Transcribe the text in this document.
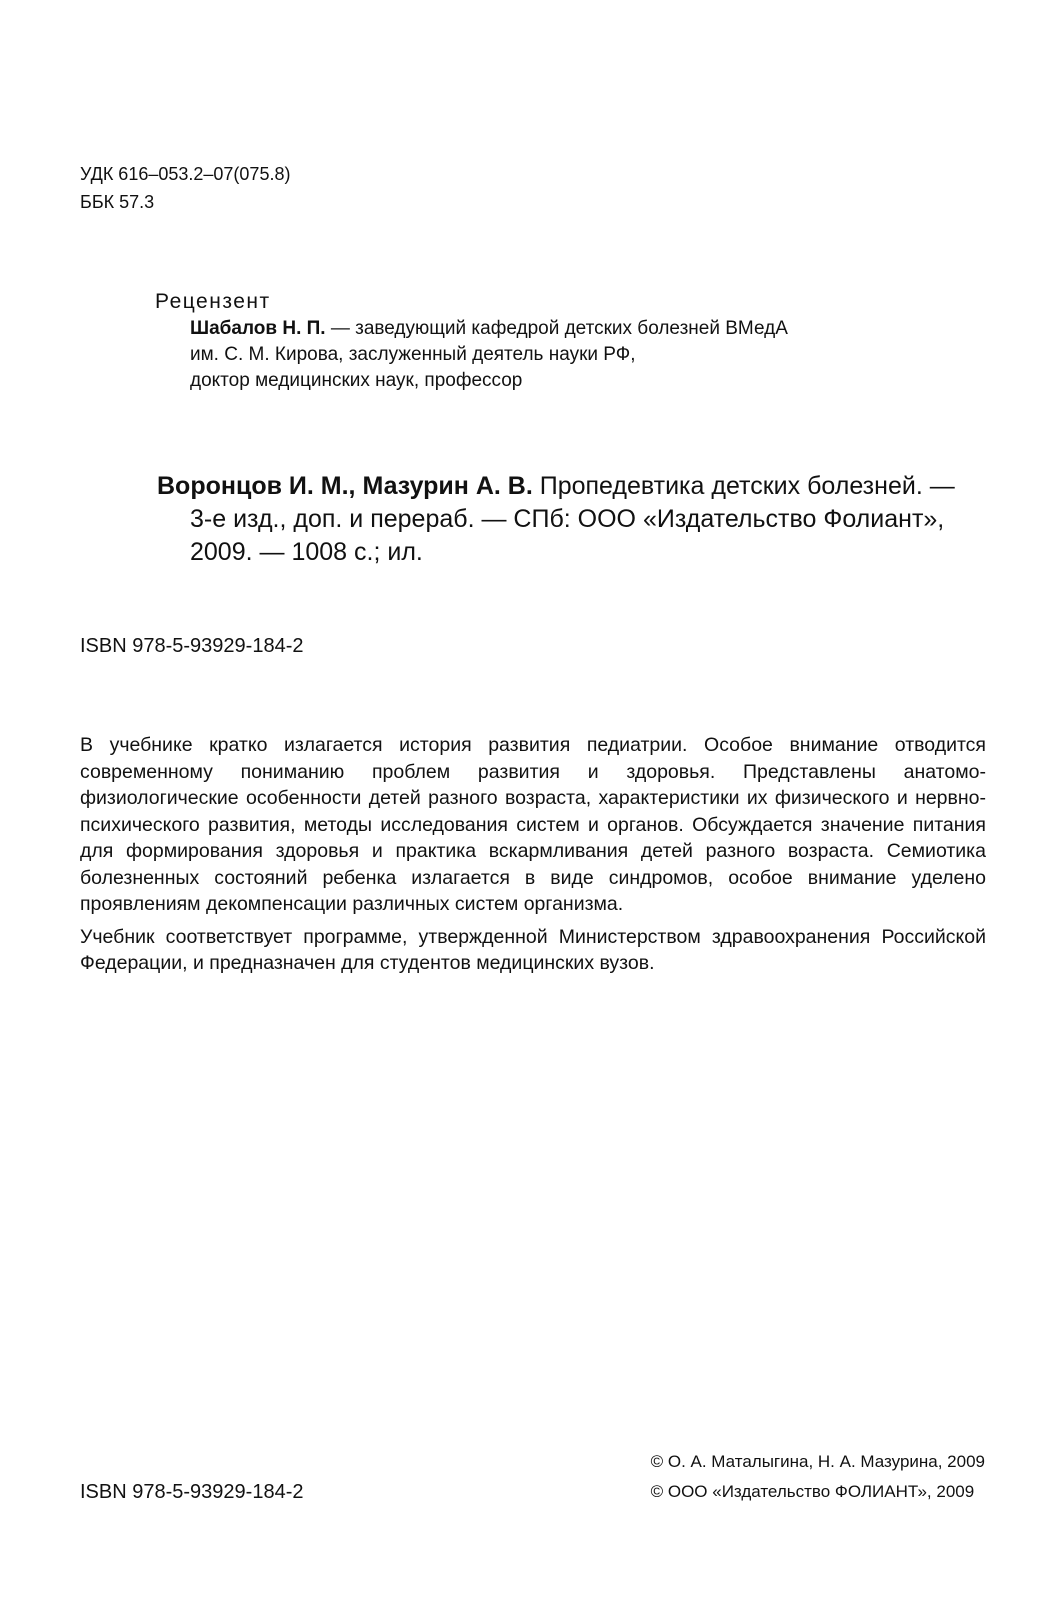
УДК 616–053.2–07(075.8)
ББК 57.3

Рецензент

Шабалов Н. П. — заведующий кафедрой детских болезней ВМедА

им. С. М. Кирова, заслуженный деятель науки РФ,

доктор медицинских наук, профессор

Воронцов И. М., Мазурин А. В. Пропедевтика детских болезней. —

3-е изд., доп. и перераб. — СПб: ООО «Издательство Фолиант»,

2009. — 1008 с.; ил.

ISBN 978-5-93929-184-2

В учебнике кратко излагается история развития педиатрии. Особое внимание отводится современному пониманию проблем развития и здоровья. Представлены анатомо-физиологические особенности детей разного возраста, характеристики их физического и нервно-психического развития, методы исследования систем и органов. Обсуждается значение питания для формирования здоровья и практика вскармливания детей разного возраста. Семиотика болезненных состояний ребенка излагается в виде синдромов, особое внимание уделено проявлениям декомпенсации различных систем организма.

Учебник соответствует программе, утвержденной Министерством здравоохранения Российской Федерации, и предназначен для студентов медицинских вузов.

ISBN 978-5-93929-184-2
© О. А. Маталыгина, Н. А. Мазурина, 2009
© ООО «Издательство ФОЛИАНТ», 2009
